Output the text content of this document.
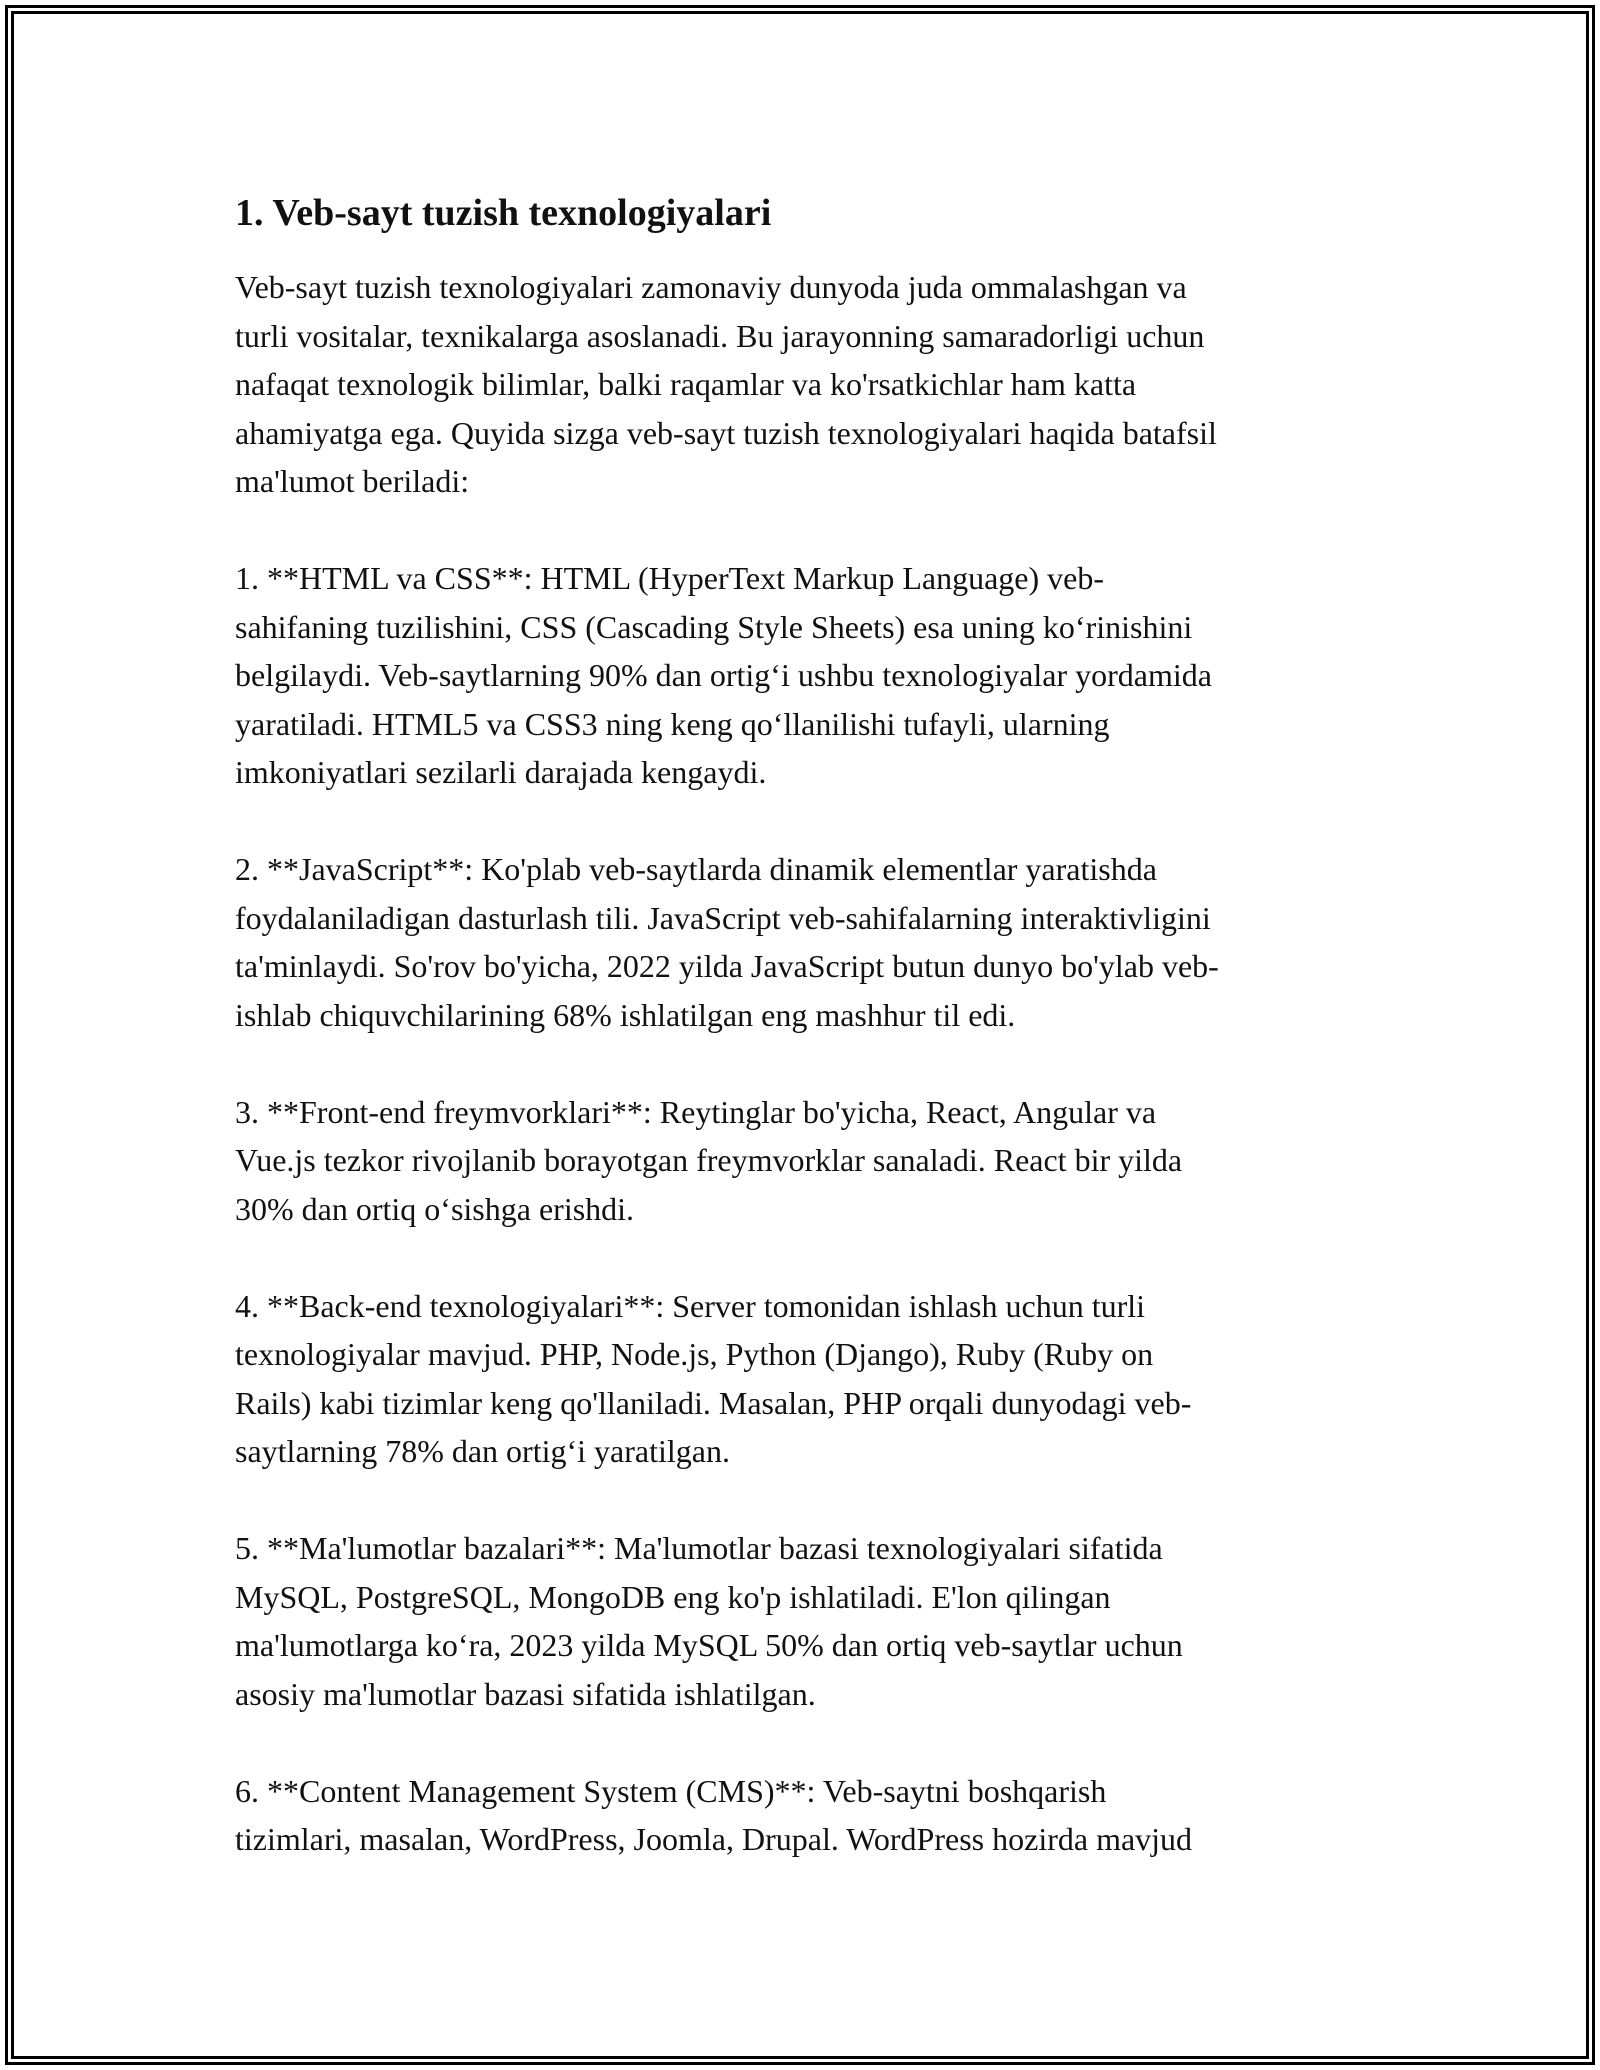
1. Veb-sayt tuzish texnologiyalari

Veb-sayt tuzish texnologiyalari zamonaviy dunyoda juda ommalashgan va
turli vositalar, texnikalarga asoslanadi. Bu jarayonning samaradorligi uchun
nafaqat texnologik bilimlar, balki raqamlar va ko'rsatkichlar ham katta
ahamiyatga ega. Quyida sizga veb-sayt tuzish texnologiyalari haqida batafsil
ma'lumot beriladi:

1. **HTML va CSS**: HTML (HyperText Markup Language) veb-
sahifaning tuzilishini, CSS (Cascading Style Sheets) esa uning ko‘rinishini
belgilaydi. Veb-saytlarning 90% dan ortig‘i ushbu texnologiyalar yordamida
yaratiladi. HTML5 va CSS3 ning keng qo‘llanilishi tufayli, ularning
imkoniyatlari sezilarli darajada kengaydi.

2. **JavaScript**: Ko'plab veb-saytlarda dinamik elementlar yaratishda
foydalaniladigan dasturlash tili. JavaScript veb-sahifalarning interaktivligini
ta'minlaydi. So'rov bo'yicha, 2022 yilda JavaScript butun dunyo bo'ylab veb-
ishlab chiquvchilarining 68% ishlatilgan eng mashhur til edi.

3. **Front-end freymvorklari**: Reytinglar bo'yicha, React, Angular va
Vue.js tezkor rivojlanib borayotgan freymvorklar sanaladi. React bir yilda
30% dan ortiq o‘sishga erishdi.

4. **Back-end texnologiyalari**: Server tomonidan ishlash uchun turli
texnologiyalar mavjud. PHP, Node.js, Python (Django), Ruby (Ruby on
Rails) kabi tizimlar keng qo'llaniladi. Masalan, PHP orqali dunyodagi veb-
saytlarning 78% dan ortig‘i yaratilgan.

5. **Ma'lumotlar bazalari**: Ma'lumotlar bazasi texnologiyalari sifatida
MySQL, PostgreSQL, MongoDB eng ko'p ishlatiladi. E'lon qilingan
ma'lumotlarga ko‘ra, 2023 yilda MySQL 50% dan ortiq veb-saytlar uchun
asosiy ma'lumotlar bazasi sifatida ishlatilgan.

6. **Content Management System (CMS)**: Veb-saytni boshqarish
tizimlari, masalan, WordPress, Joomla, Drupal. WordPress hozirda mavjud
